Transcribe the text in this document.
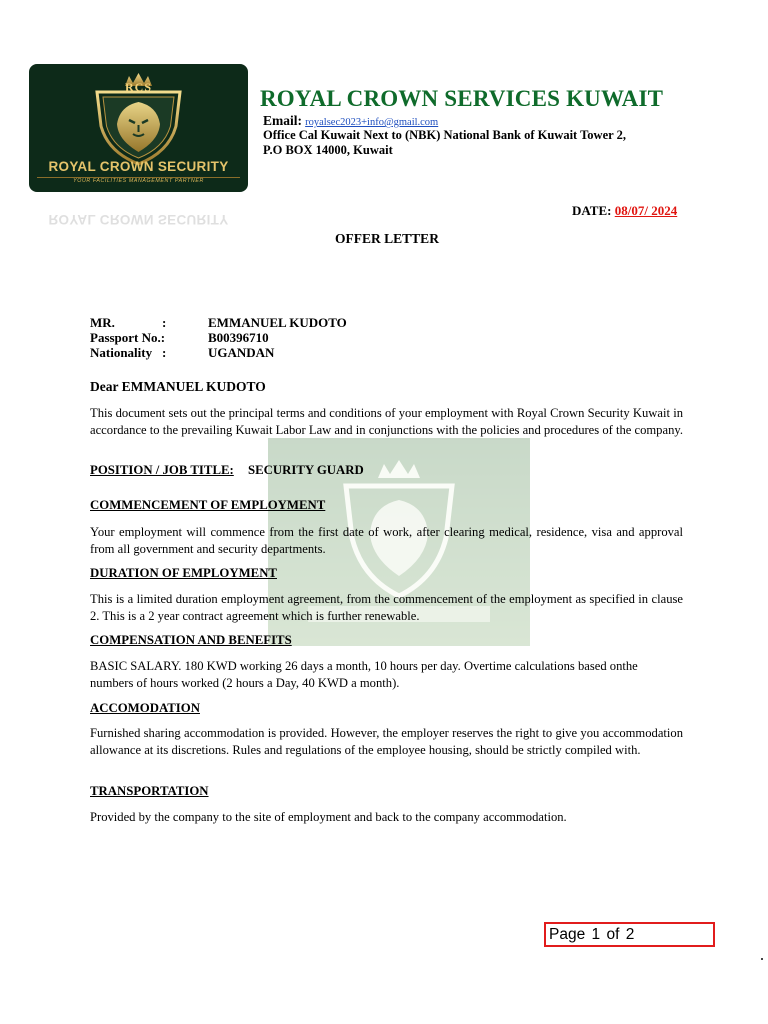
RCS
ROYAL CROWN SECURITY
YOUR FACILITIES MANAGEMENT PARTNER
ROYAL CROWN SECURITY
ROYAL CROWN SERVICES KUWAIT
Email: royalsec2023+info@gmail.com
Office Cal Kuwait Next to (NBK) National Bank of Kuwait Tower 2,
P.O BOX 14000, Kuwait
DATE: 08/07/ 2024
OFFER LETTER
MR.	:	EMMANUEL KUDOTO
Passport No.:	B00396710
Nationality :	UGANDAN
Dear EMMANUEL KUDOTO
This document sets out the principal terms and conditions of your employment with Royal Crown Security Kuwait in accordance to the prevailing Kuwait Labor Law and in conjunctions with the policies and procedures of the company.
POSITION / JOB TITLE: SECURITY GUARD
COMMENCEMENT OF EMPLOYMENT
Your employment will commence from the first date of work, after clearing medical, residence, visa and approval from all government and security departments.
DURATION OF EMPLOYMENT
This is a limited duration employment agreement, from the commencement of the employment as specified in clause 2. This is a 2 year contract agreement which is further renewable.
COMPENSATION AND BENEFITS
BASIC SALARY. 180 KWD working 26 days a month, 10 hours per day. Overtime calculations based onthe numbers of hours worked (2 hours a Day, 40 KWD a month).
ACCOMODATION
Furnished sharing accommodation is provided. However, the employer reserves the right to give you accommodation allowance at its discretions. Rules and regulations of the employee housing, should be strictly compiled with.
TRANSPORTATION
Provided by the company to the site of employment and back to the company accommodation.
Page 1 of 2
